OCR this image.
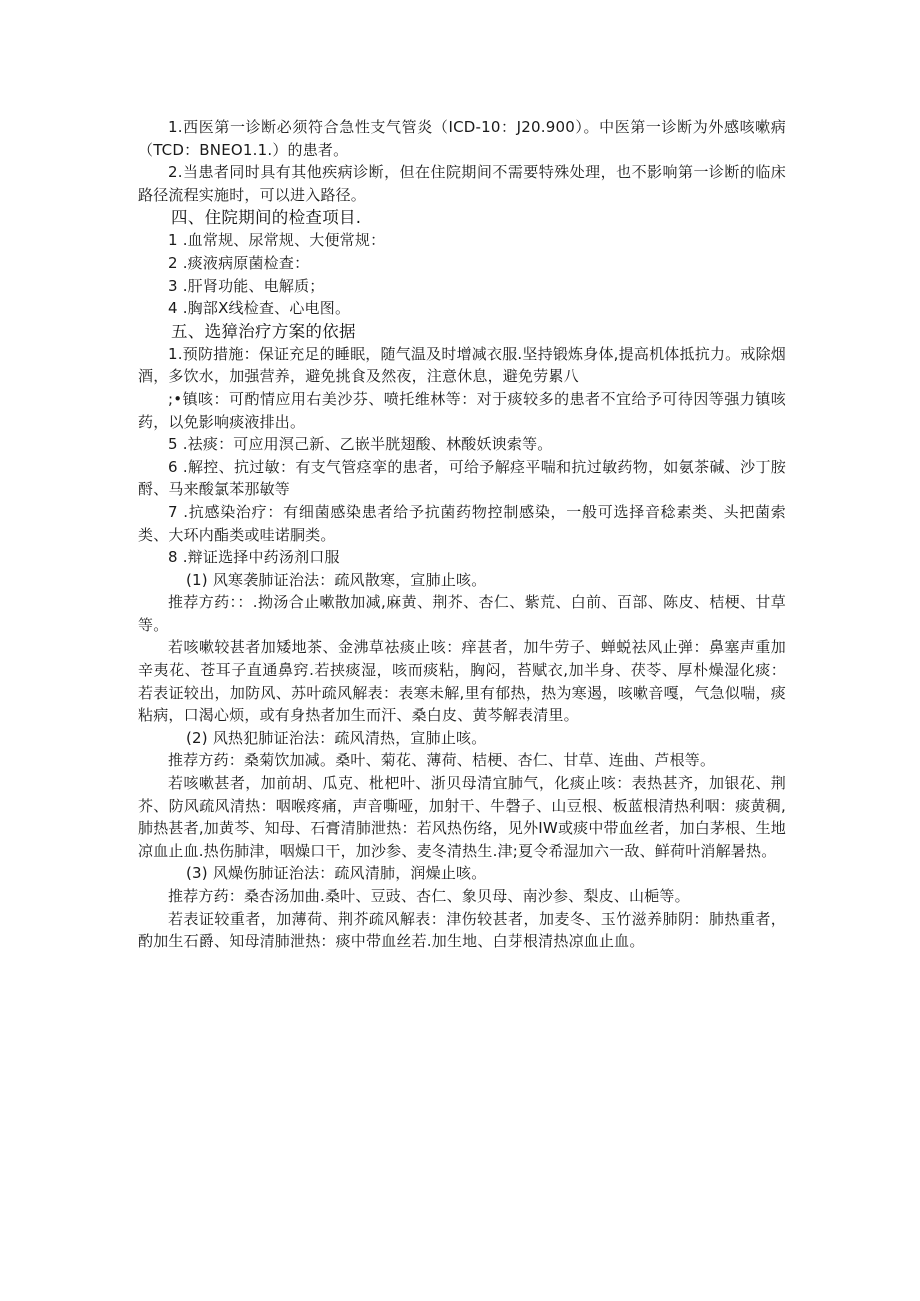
1.西医第一诊断必须符合急性支气管炎（ICD-10：J20.900）。中医第一诊断为外感咳嗽病（TCD：BNEO1.1.）的患者。

2.当患者同时具有其他疾病诊断，但在住院期间不需要特殊处理，也不影响第一诊断的临床路径流程实施时，可以进入路径。

四、住院期间的检查项目.

1 .血常规、尿常规、大便常规：

2 .痰液病原菌检查：

3 .肝肾功能、电解质；

4 .胸部X线检查、心电图。

五、选獐治疗方案的依据

1.预防措施：保证充足的睡眠，随气温及时增减衣服.坚持锻炼身体,提高机体抵抗力。戒除烟酒，多饮水，加强营养，避免挑食及然夜，注意休息，避免劳累八

;•镇咳：可酌情应用右美沙芬、喷托维林等：对于痰较多的患者不宜给予可待因等强力镇咳药，以免影响痰液排出。

5 .祛痰：可应用溟己新、乙嵌半胱翅酸、林酸妖谀索等。

6 .解控、抗过敏：有支气管痉挛的患者，可给予解痉平喘和抗过敏药物，如氨茶碱、沙丁胺酹、马来酸氯苯那敏等

7 .抗感染治疗：有细菌感染患者给予抗菌药物控制感染，一般可选择音稔素类、头把菌索类、大环内酯类或哇诺胴类。

8 .辩证选择中药汤剂口服

(1) 风寒袭肺证治法：疏风散寒，宣肺止咳。

推荐方药：：.拗汤合止嗽散加减,麻黄、荆芥、杏仁、紫荒、白前、百部、陈皮、桔梗、甘草等。

若咳嗽较甚者加矮地茶、金沸草祛痰止咳：痒甚者，加牛劳子、蝉蜕祛风止弹：鼻塞声重加辛夷花、苍耳子直通鼻窍.若挟痰湿，咳而痰粘，胸闷，苔赋衣,加半身、茯苓、厚朴燥湿化痰：若表证较出，加防风、苏叶疏风解表：表寒未解,里有郁热，热为寒遏，咳嗽音嘎，气急似喘，痰粘病，口渴心烦，或有身热者加生而汗、桑白皮、黄芩解表清里。

(2) 风热犯肺证治法：疏风清热，宣肺止咳。

推荐方药：桑菊饮加减。桑叶、菊花、薄荷、桔梗、杏仁、甘草、连曲、芦根等。

若咳嗽甚者，加前胡、瓜克、枇杷叶、浙贝母清宜肺气，化痰止咳：表热甚齐，加银花、荆芥、防风疏风清热：咽喉疼痛，声音嘶哑，加射干、牛磬子、山豆根、板蓝根清热利咽：痰黄稠,肺热甚者,加黄芩、知母、石膏清肺泄热：若风热伤络，见外IW或痰中带血丝者，加白茅根、生地凉血止血.热伤肺津，咽燥口干，加沙参、麦冬清热生.津;夏令希湿加六一敌、鲜荷叶消解暑热。

(3) 风燥伤肺证治法：疏风清肺，润燥止咳。

推荐方药：桑杏汤加曲.桑叶、豆豉、杏仁、象贝母、南沙参、梨皮、山梔等。

若表证较重者，加薄荷、荆芥疏风解表：津伤较甚者，加麦冬、玉竹滋养肺阴：肺热重者，酌加生石爵、知母清肺泄热：痰中带血丝若.加生地、白芽根清热凉血止血。
